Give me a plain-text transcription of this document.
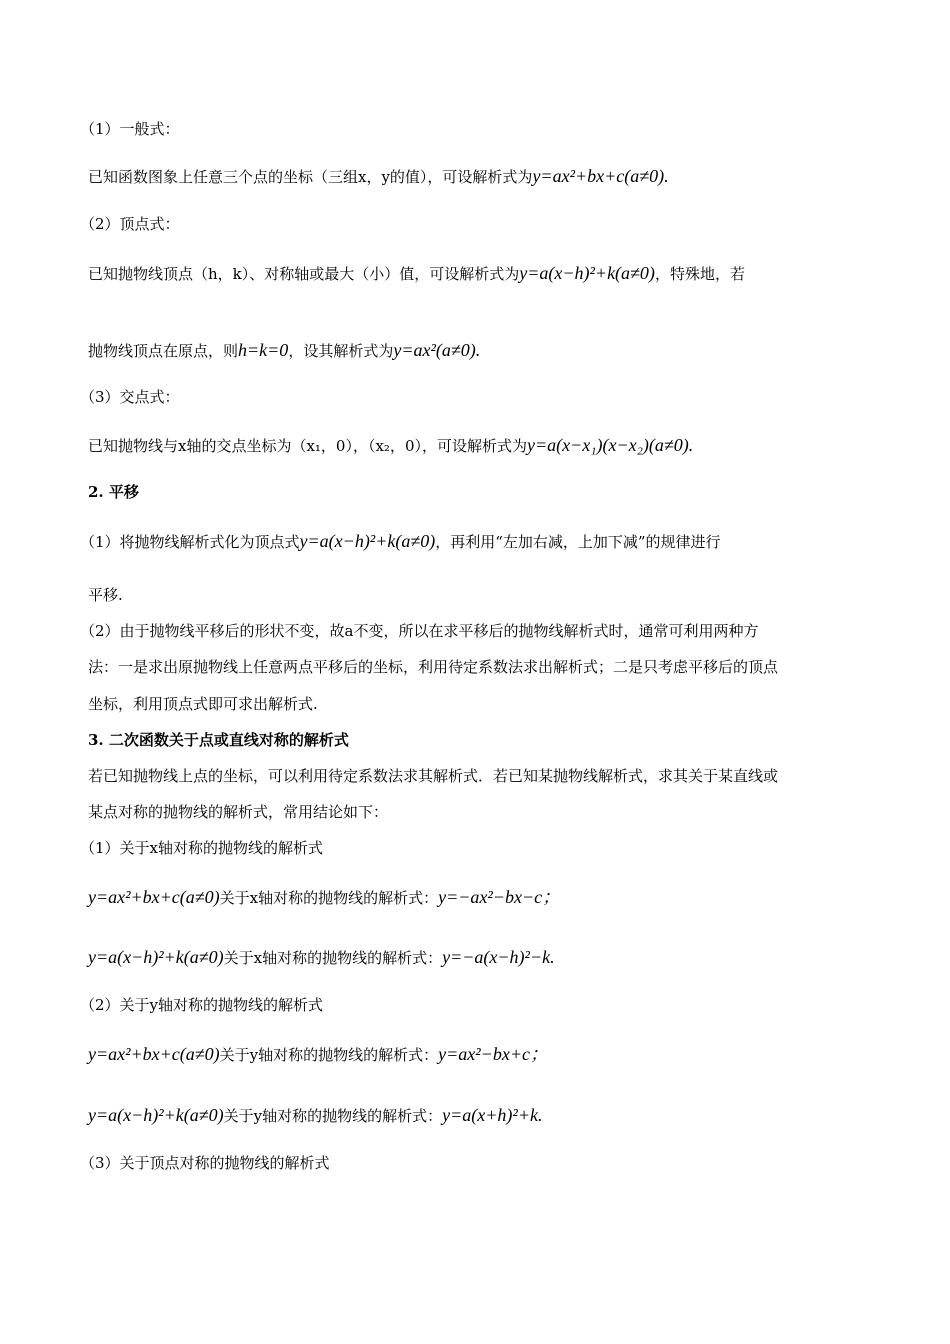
（1）一般式：
已知函数图象上任意三个点的坐标（三组x，y的值），可设解析式为y=ax²+bx+c(a≠0).
（2）顶点式：
已知抛物线顶点（h，k）、对称轴或最大（小）值，可设解析式为y=a(x−h)²+k(a≠0)，特殊地，若
抛物线顶点在原点，则h=k=0，设其解析式为y=ax²(a≠0).
（3）交点式：
已知抛物线与x轴的交点坐标为（x₁，0），（x₂，0），可设解析式为y=a(x−x₁)(x−x₂)(a≠0).
2. 平移
（1）将抛物线解析式化为顶点式y=a(x−h)²+k(a≠0)，再利用“左加右减，上加下减”的规律进行
平移.
（2）由于抛物线平移后的形状不变，故a不变，所以在求平移后的抛物线解析式时，通常可利用两种方
法：一是求出原抛物线上任意两点平移后的坐标，利用待定系数法求出解析式；二是只考虑平移后的顶点
坐标，利用顶点式即可求出解析式.
3. 二次函数关于点或直线对称的解析式
若已知抛物线上点的坐标，可以利用待定系数法求其解析式．若已知某抛物线解析式，求其关于某直线或
某点对称的抛物线的解析式，常用结论如下：
（1）关于x轴对称的抛物线的解析式
y=ax²+bx+c(a≠0)关于x轴对称的抛物线的解析式：y=−ax²−bx−c；
y=a(x−h)²+k(a≠0)关于x轴对称的抛物线的解析式：y=−a(x−h)²−k.
（2）关于y轴对称的抛物线的解析式
y=ax²+bx+c(a≠0)关于y轴对称的抛物线的解析式：y=ax²−bx+c；
y=a(x−h)²+k(a≠0)关于y轴对称的抛物线的解析式：y=a(x+h)²+k.
（3）关于顶点对称的抛物线的解析式
